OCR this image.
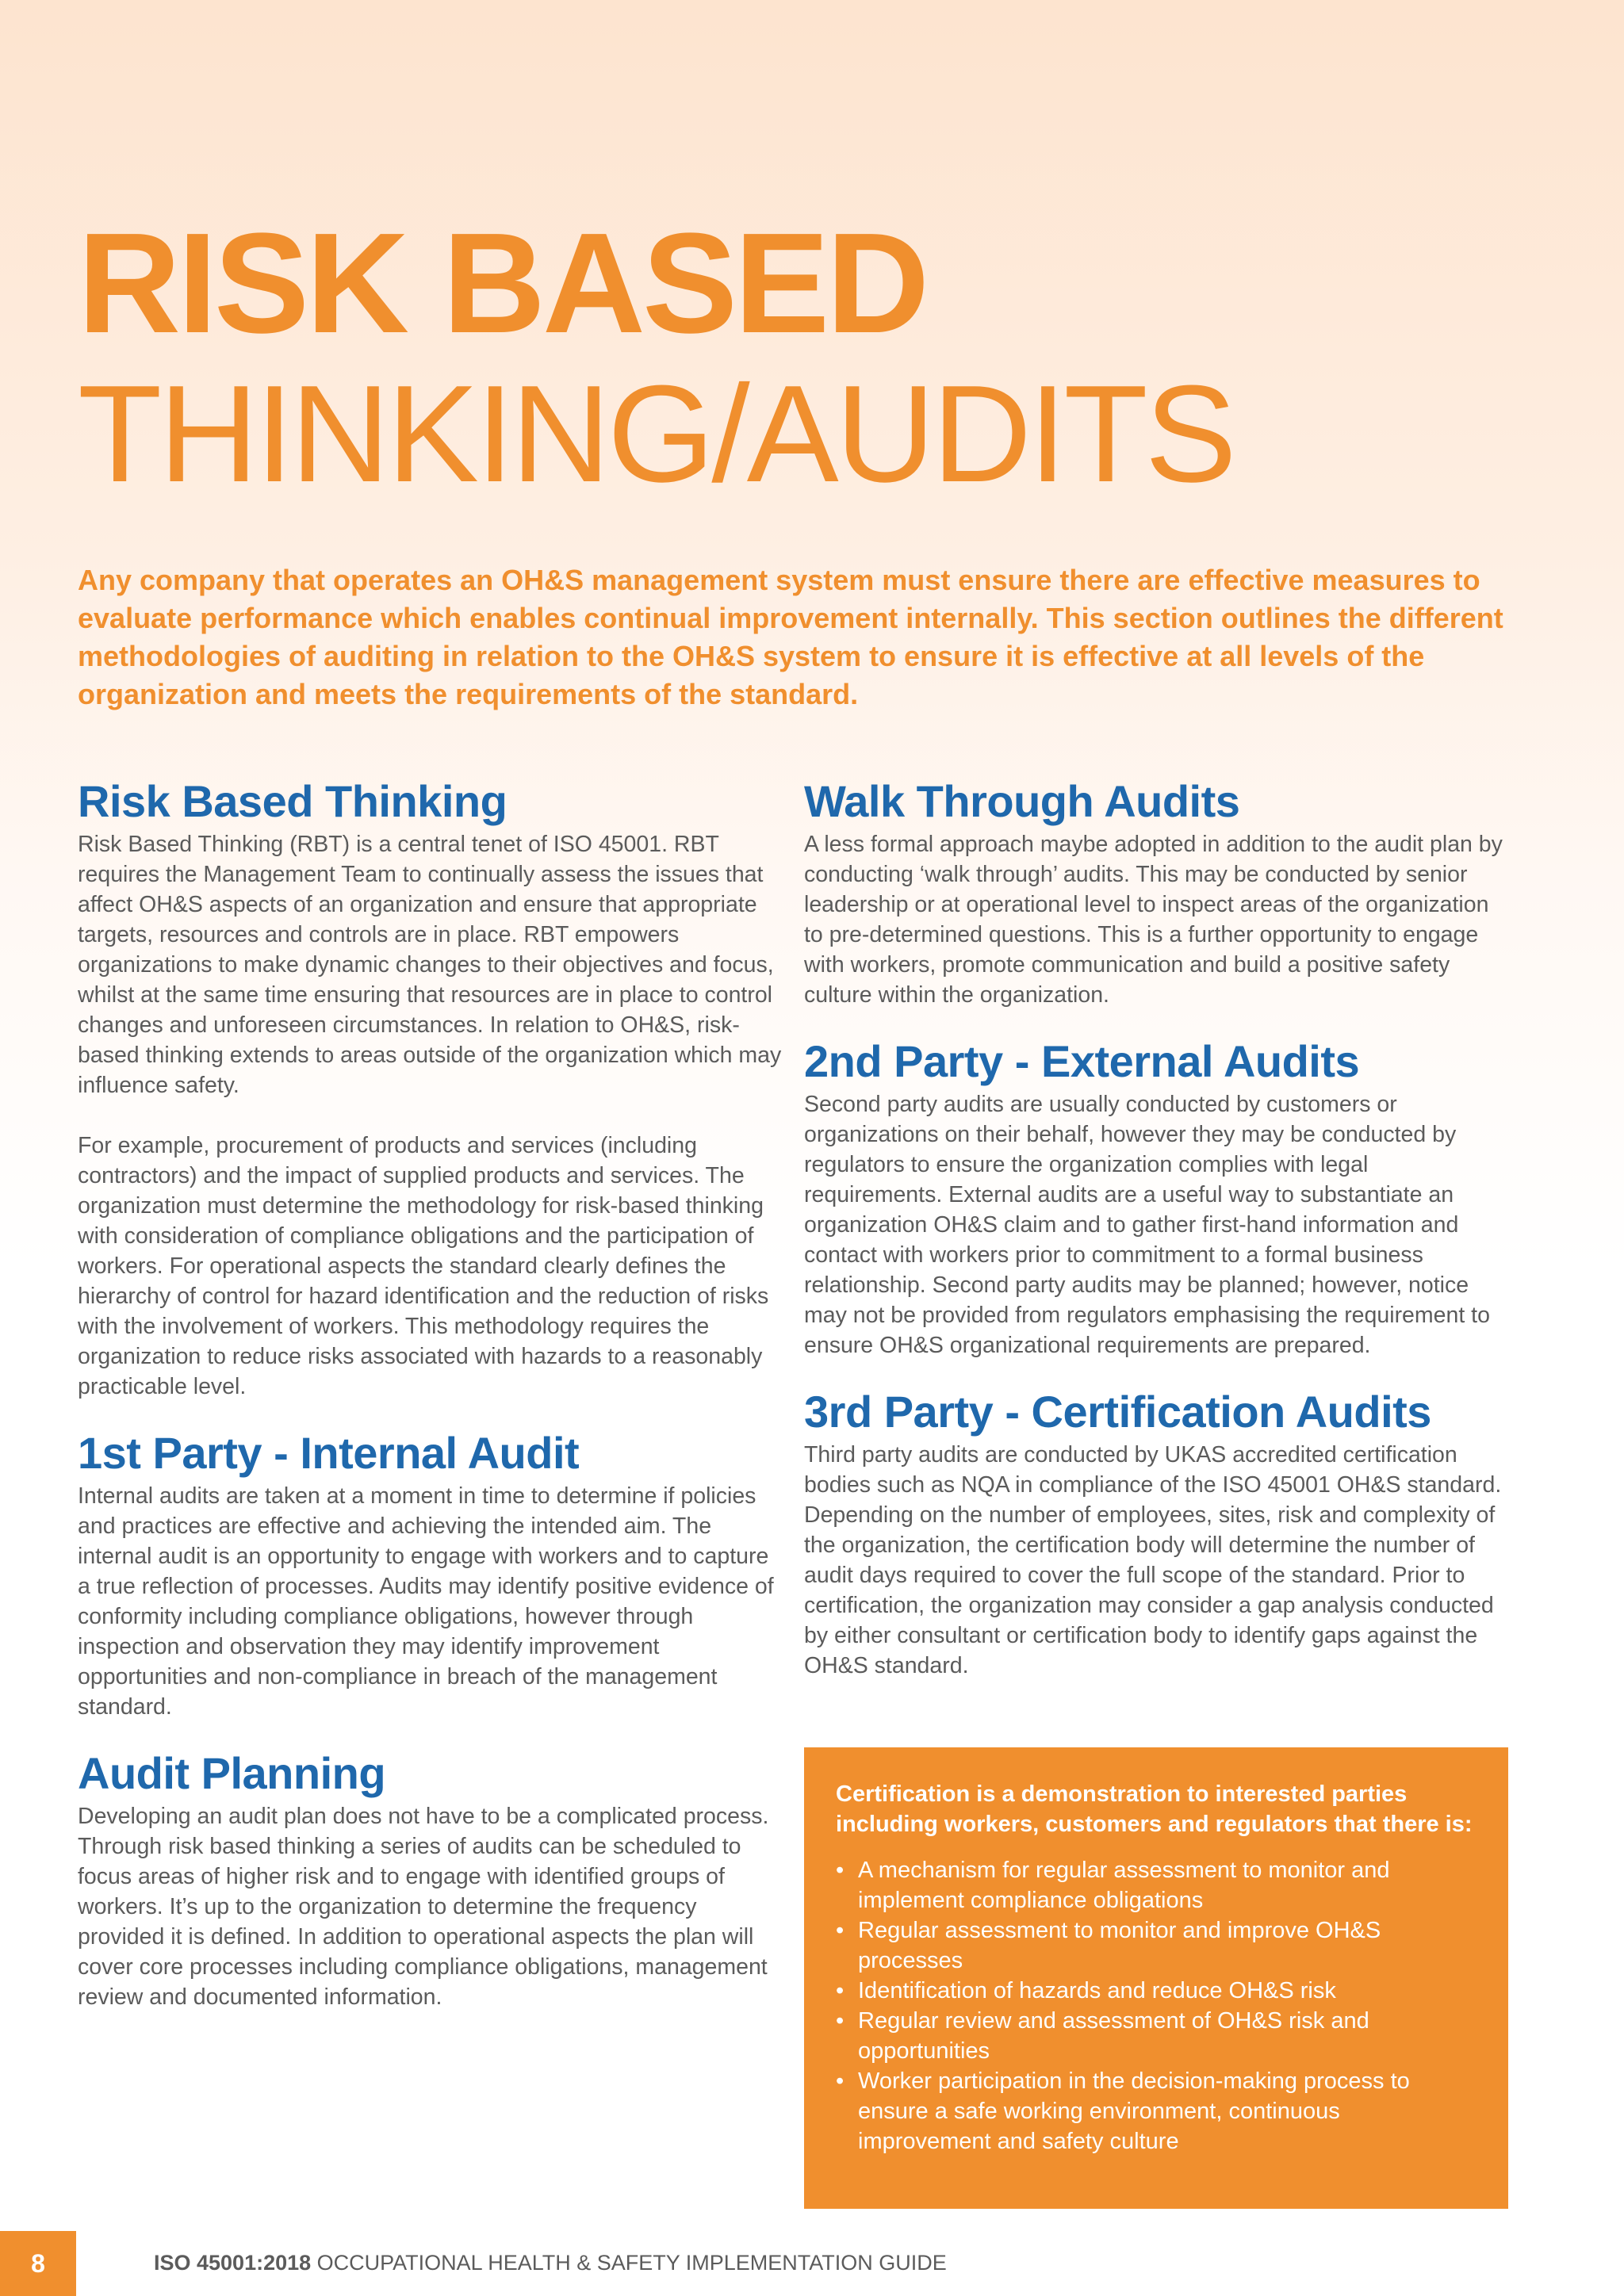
RISK BASED
THINKING/AUDITS

Any company that operates an OH&S management system must ensure there are effective measures to evaluate performance which enables continual improvement internally. This section outlines the different methodologies of auditing in relation to the OH&S system to ensure it is effective at all levels of the organization and meets the requirements of the standard.

Risk Based Thinking

Risk Based Thinking (RBT) is a central tenet of ISO 45001. RBT requires the Management Team to continually assess the issues that affect OH&S aspects of an organization and ensure that appropriate targets, resources and controls are in place. RBT empowers organizations to make dynamic changes to their objectives and focus, whilst at the same time ensuring that resources are in place to control changes and unforeseen circumstances. In relation to OH&S, risk-based thinking extends to areas outside of the organization which may influence safety.

For example, procurement of products and services (including contractors) and the impact of supplied products and services. The organization must determine the methodology for risk-based thinking with consideration of compliance obligations and the participation of workers. For operational aspects the standard clearly defines the hierarchy of control for hazard identification and the reduction of risks with the involvement of workers. This methodology requires the organization to reduce risks associated with hazards to a reasonably practicable level.

1st Party - Internal Audit

Internal audits are taken at a moment in time to determine if policies and practices are effective and achieving the intended aim. The internal audit is an opportunity to engage with workers and to capture a true reflection of processes. Audits may identify positive evidence of conformity including compliance obligations, however through inspection and observation they may identify improvement opportunities and non-compliance in breach of the management standard.

Audit Planning

Developing an audit plan does not have to be a complicated process. Through risk based thinking a series of audits can be scheduled to focus areas of higher risk and to engage with identified groups of workers. It’s up to the organization to determine the frequency provided it is defined. In addition to operational aspects the plan will cover core processes including compliance obligations, management review and documented information.

Walk Through Audits

A less formal approach maybe adopted in addition to the audit plan by conducting ‘walk through’ audits. This may be conducted by senior leadership or at operational level to inspect areas of the organization to pre-determined questions. This is a further opportunity to engage with workers, promote communication and build a positive safety culture within the organization.

2nd Party - External Audits

Second party audits are usually conducted by customers or organizations on their behalf, however they may be conducted by regulators to ensure the organization complies with legal requirements. External audits are a useful way to substantiate an organization OH&S claim and to gather first-hand information and contact with workers prior to commitment to a formal business relationship. Second party audits may be planned; however, notice may not be provided from regulators emphasising the requirement to ensure OH&S organizational requirements are prepared.

3rd Party - Certification Audits

Third party audits are conducted by UKAS accredited certification bodies such as NQA in compliance of the ISO 45001 OH&S standard. Depending on the number of employees, sites, risk and complexity of the organization, the certification body will determine the number of audit days required to cover the full scope of the standard. Prior to certification, the organization may consider a gap analysis conducted by either consultant or certification body to identify gaps against the OH&S standard.

Certification is a demonstration to interested parties including workers, customers and regulators that there is:

• A mechanism for regular assessment to monitor and implement compliance obligations
• Regular assessment to monitor and improve OH&S processes
• Identification of hazards and reduce OH&S risk
• Regular review and assessment of OH&S risk and opportunities
• Worker participation in the decision-making process to ensure a safe working environment, continuous improvement and safety culture
8	ISO 45001:2018 OCCUPATIONAL HEALTH & SAFETY IMPLEMENTATION GUIDE
